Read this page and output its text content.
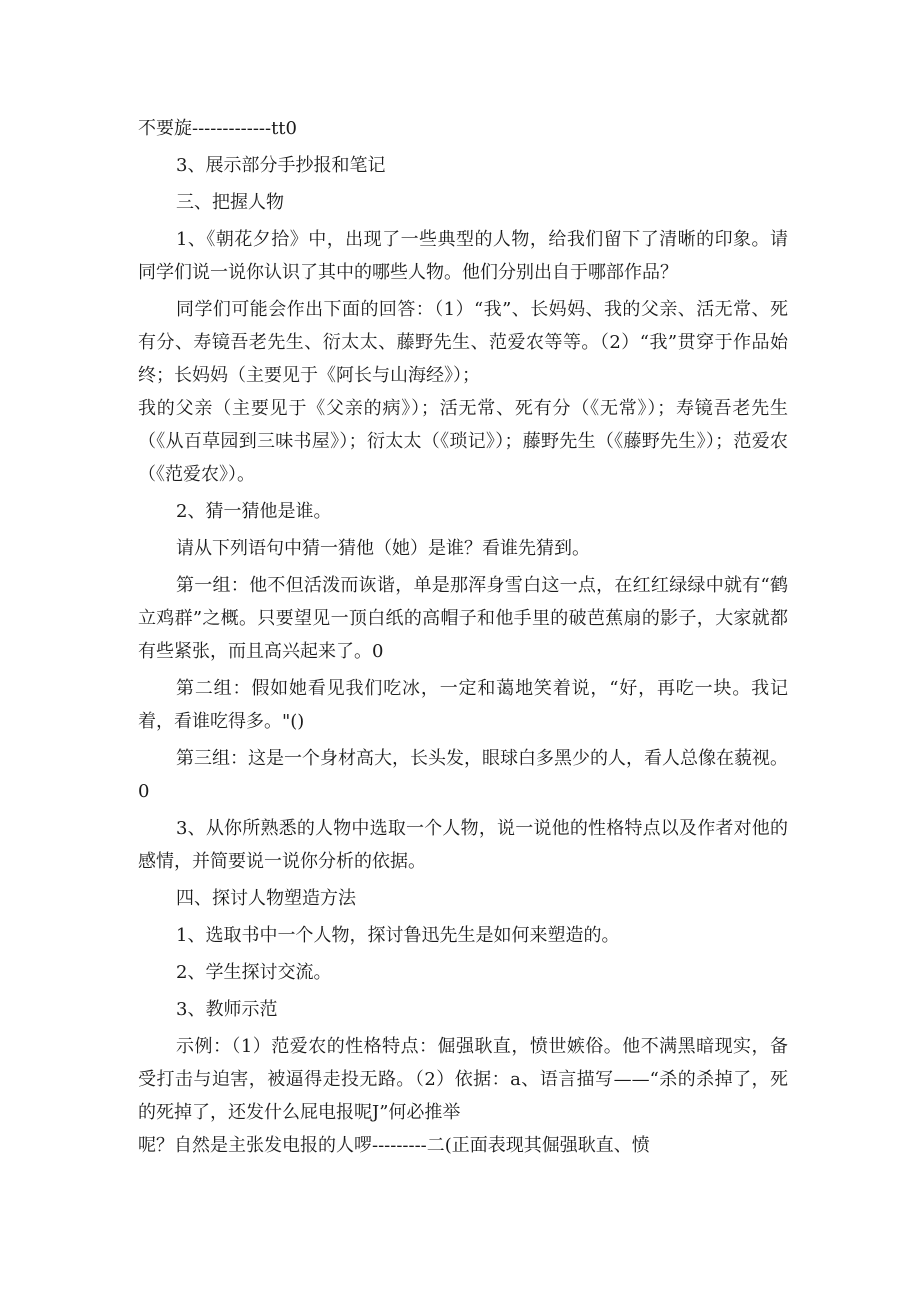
不要旋-------------tt0

3、展示部分手抄报和笔记

三、把握人物

1、《朝花夕拾》中，出现了一些典型的人物，给我们留下了清晰的印象。请同学们说一说你认识了其中的哪些人物。他们分别出自于哪部作品？

同学们可能会作出下面的回答：（1）“我”、长妈妈、我的父亲、活无常、死有分、寿镜吾老先生、衍太太、藤野先生、范爱农等等。（2）“我”贯穿于作品始终；长妈妈（主要见于《阿长与山海经》）；

我的父亲（主要见于《父亲的病》）；活无常、死有分（《无常》）；寿镜吾老先生（《从百草园到三味书屋》）；衍太太（《琐记》）；藤野先生（《藤野先生》）；范爱农（《范爱农》）。

2、猜一猜他是谁。

请从下列语句中猜一猜他（她）是谁？看谁先猜到。

第一组：他不但活泼而诙谐，单是那浑身雪白这一点，在红红绿绿中就有“鹤立鸡群”之概。只要望见一顶白纸的高帽子和他手里的破芭蕉扇的影子，大家就都有些紧张，而且高兴起来了。0

第二组：假如她看见我们吃冰，一定和蔼地笑着说，“好，再吃一块。我记着，看谁吃得多。"()

第三组：这是一个身材高大，长头发，眼球白多黑少的人，看人总像在藐视。0

3、从你所熟悉的人物中选取一个人物，说一说他的性格特点以及作者对他的感情，并简要说一说你分析的依据。

四、探讨人物塑造方法

1、选取书中一个人物，探讨鲁迅先生是如何来塑造的。

2、学生探讨交流。

3、教师示范

示例：（1）范爱农的性格特点：倔强耿直，愤世嫉俗。他不满黑暗现实，备受打击与迫害，被逼得走投无路。（2）依据：a、语言描写——“杀的杀掉了，死的死掉了，还发什么屁电报呢J”何必推举

呢？自然是主张发电报的人啰---------二(正面表现其倔强耿直、愤
